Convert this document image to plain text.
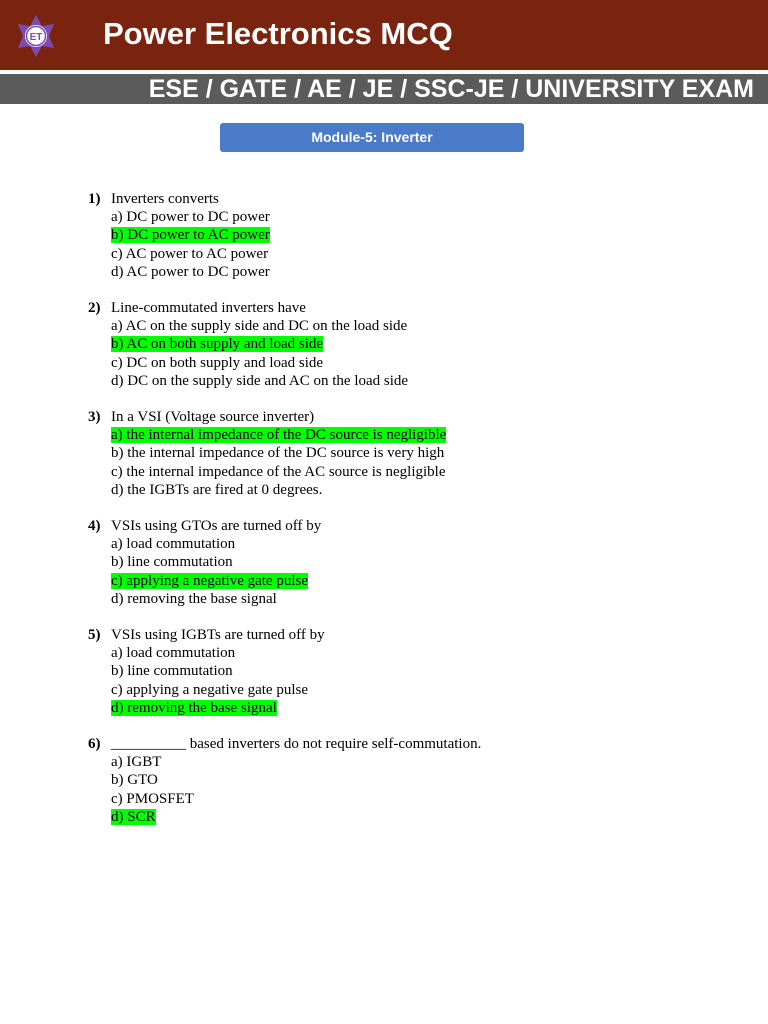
ET Power Electronics MCQ
ESE / GATE / AE / JE / SSC-JE / UNIVERSITY EXAM
Module-5: Inverter
1) Inverters converts
a) DC power to DC power
b) DC power to AC power
c) AC power to AC power
d) AC power to DC power
2) Line-commutated inverters have
a) AC on the supply side and DC on the load side
b) AC on both supply and load side
c) DC on both supply and load side
d) DC on the supply side and AC on the load side
3) In a VSI (Voltage source inverter)
a) the internal impedance of the DC source is negligible
b) the internal impedance of the DC source is very high
c) the internal impedance of the AC source is negligible
d) the IGBTs are fired at 0 degrees.
4) VSIs using GTOs are turned off by
a) load commutation
b) line commutation
c) applying a negative gate pulse
d) removing the base signal
5) VSIs using IGBTs are turned off by
a) load commutation
b) line commutation
c) applying a negative gate pulse
d) removing the base signal
6) __________ based inverters do not require self-commutation.
a) IGBT
b) GTO
c) PMOSFET
d) SCR
